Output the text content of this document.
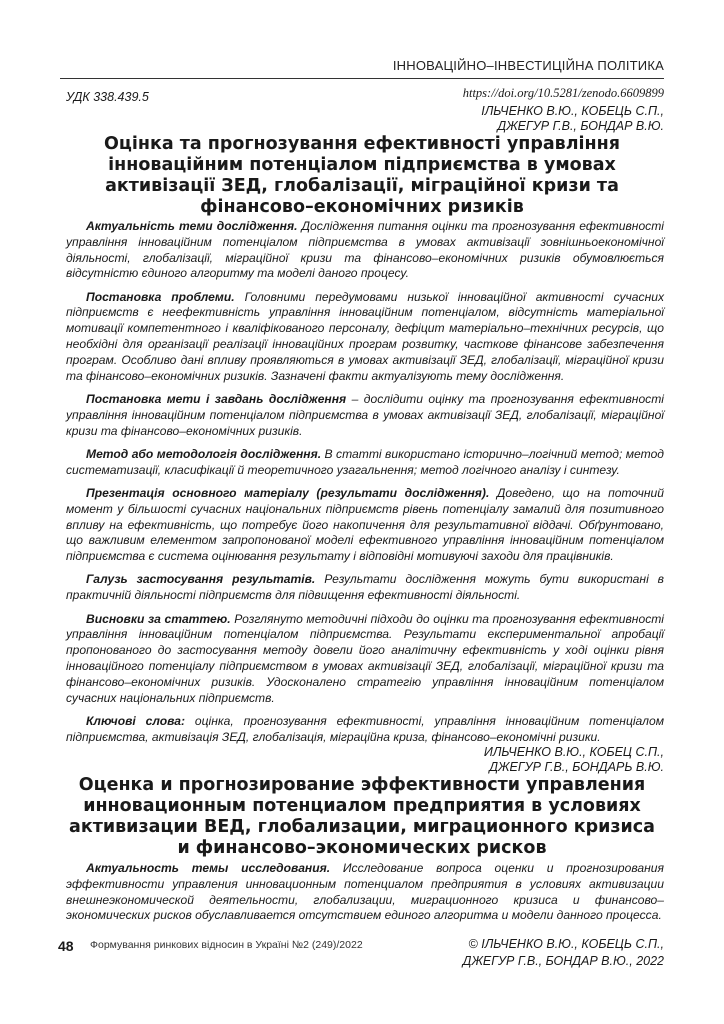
ІННОВАЦІЙНО–ІНВЕСТИЦІЙНА ПОЛІТИКА
УДК 338.439.5	https://doi.org/10.5281/zenodo.6609899
ІЛЬЧЕНКО В.Ю., КОБЕЦЬ С.П.,
ДЖЕГУР Г.В., БОНДАР В.Ю.
Оцінка та прогнозування ефективності управління інноваційним потенціалом підприємства в умовах активізації ЗЕД, глобалізації, міграційної кризи та фінансово–економічних ризиків

Актуальність теми дослідження. Дослідження питання оцінки та прогнозування ефективності управління інноваційним потенціалом підприємства в умовах активізації зовнішньоекономічної діяльності, глобалізації, міграційної кризи та фінансово–економічних ризиків обумовлюється відсутністю єдиного алгоритму та моделі даного процесу.

Постановка проблеми. Головними передумовами низької інноваційної активності сучасних підприємств є неефективність управління інноваційним потенціалом, відсутність матеріальної мотивації компетентного і кваліфікованого персоналу, дефіцит матеріально–технічних ресурсів, що необхідні для організації реалізації інноваційних програм розвитку, часткове фінансове забезпечення програм. Особливо дані впливу проявляються в умовах активізації ЗЕД, глобалізації, міграційної кризи та фінансово–економічних ризиків. Зазначені факти актуалізують тему дослідження.

Постановка мети і завдань дослідження – дослідити оцінку та прогнозування ефективності управління інноваційним потенціалом підприємства в умовах активізації ЗЕД, глобалізації, міграційної кризи та фінансово–економічних ризиків.

Метод або методологія дослідження. В статті використано історично–логічний метод; метод систематизації, класифікації й теоретичного узагальнення; метод логічного аналізу і синтезу.

Презентація основного матеріалу (результати дослідження). Доведено, що на поточний момент у більшості сучасних національних підприємств рівень потенціалу замалий для позитивного впливу на ефективність, що потребує його накопичення для результативної віддачі. Обґрунтовано, що важливим елементом запропонованої моделі ефективного управління інноваційним потенціалом підприємства є система оцінювання результату і відповідні мотивуючі заходи для працівників.

Галузь застосування результатів. Результати дослідження можуть бути використані в практичній діяльності підприємств для підвищення ефективності діяльності.

Висновки за статтею. Розглянуто методичні підходи до оцінки та прогнозування ефективності управління інноваційним потенціалом підприємства. Результати експериментальної апробації пропонованого до застосування методу довели його аналітичну ефективність у ході оцінки рівня інноваційного потенціалу підприємством в умовах активізації ЗЕД, глобалізації, міграційної кризи та фінансово–економічних ризиків. Удосконалено стратегію управління інноваційним потенціалом сучасних національних підприємств.

Ключові слова: оцінка, прогнозування ефективності, управління інноваційним потенціалом підприємства, активізація ЗЕД, глобалізація, міграційна криза, фінансово–економічні ризики.

ИЛЬЧЕНКО В.Ю., КОБЕЦ С.П.,
ДЖЕГУР Г.В., БОНДАРЬ В.Ю.
Оценка и прогнозирование эффективности управления инновационным потенциалом предприятия в условиях активизации ВЕД, глобализации, миграционного кризиса и финансово–экономических рисков

Актуальность темы исследования. Исследование вопроса оценки и прогнозирования эффективности управления инновационным потенциалом предприятия в условиях активизации внешнеэкономической деятельности, глобализации, миграционного кризиса и финансово–экономических рисков обуславливается отсутствием единого алгоритма и модели данного процесса.

48 Формування ринкових відносин в Україні №2 (249)/2022	© ІЛЬЧЕНКО В.Ю., КОБЕЦЬ С.П.,
ДЖЕГУР Г.В., БОНДАР В.Ю., 2022
